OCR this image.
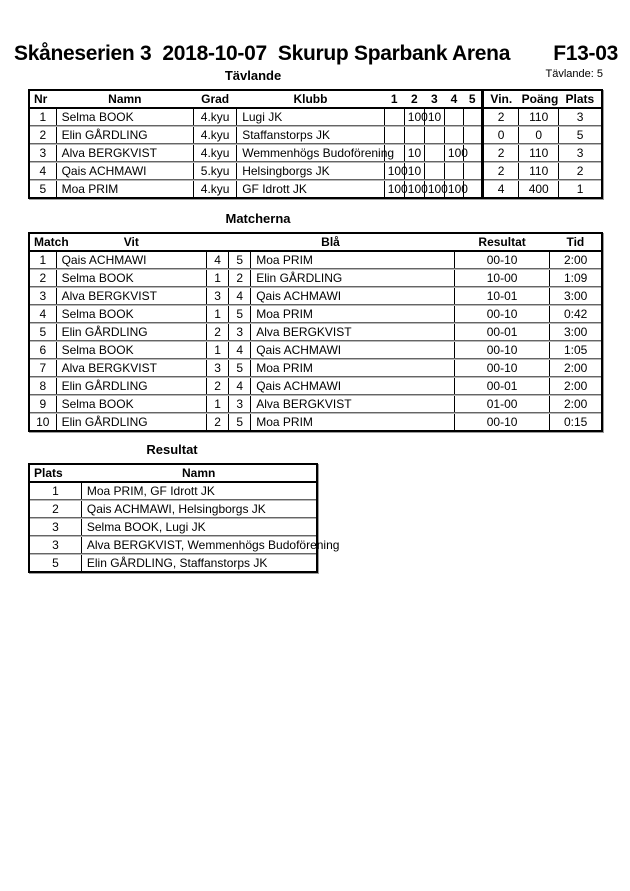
Skåneserien 3  2018-10-07  Skurup Sparbank Arena F13-03
Tävlande	Tävlande: 5
Nr	Namn	Grad	Klubb	1	2	3	4	5	Vin.	Poäng	Plats
1	Selma BOOK	4.kyu	Lugi JK		100	10			2	110	3
2	Elin GÅRDLING	4.kyu	Staffanstorps JK						0	0	5
3	Alva BERGKVIST	4.kyu	Wemmenhögs Budoförening		10		100		2	110	3
4	Qais ACHMAWI	5.kyu	Helsingborgs JK	100	10				2	110	2
5	Moa PRIM	4.kyu	GF Idrott JK	100	100	100	100		4	400	1
Matcherna
Match	Vit	Blå			Resultat	Tid
1	Qais ACHMAWI	4	5	Moa PRIM	00-10	2:00
2	Selma BOOK	1	2	Elin GÅRDLING	10-00	1:09
3	Alva BERGKVIST	3	4	Qais ACHMAWI	10-01	3:00
4	Selma BOOK	1	5	Moa PRIM	00-10	0:42
5	Elin GÅRDLING	2	3	Alva BERGKVIST	00-01	3:00
6	Selma BOOK	1	4	Qais ACHMAWI	00-10	1:05
7	Alva BERGKVIST	3	5	Moa PRIM	00-10	2:00
8	Elin GÅRDLING	2	4	Qais ACHMAWI	00-01	2:00
9	Selma BOOK	1	3	Alva BERGKVIST	01-00	2:00
10	Elin GÅRDLING	2	5	Moa PRIM	00-10	0:15
Resultat
Plats	Namn
1	Moa PRIM, GF Idrott JK
2	Qais ACHMAWI, Helsingborgs JK
3	Selma BOOK, Lugi JK
3	Alva BERGKVIST, Wemmenhögs Budoförening
5	Elin GÅRDLING, Staffanstorps JK
